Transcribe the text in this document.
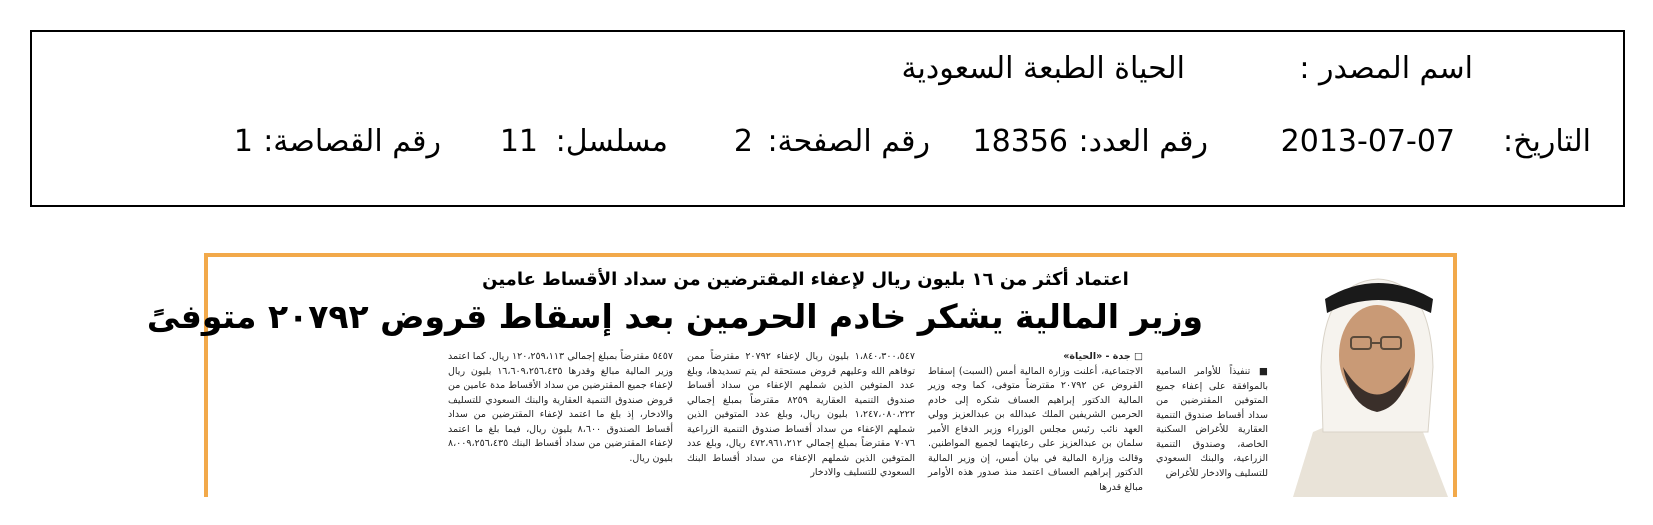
اسم المصدر :
الحياة الطبعة السعودية
التاريخ:
2013-07-07
رقم العدد:
18356
رقم الصفحة:
2
مسلسل:
11
رقم القصاصة:
1
اعتماد أكثر من ١٦ بليون ريال لإعفاء المقترضين من سداد الأقساط عامين
وزير المالية يشكر خادم الحرمين بعد إسقاط قروض ٢٠٧٩٢ متوفىً

■ تنفيذاً للأوامر السامية بالموافقة على إعفاء جميع المتوفين المقترضين من سداد أقساط صندوق التنمية العقارية للأغراض السكنية الخاصة، وصندوق التنمية الزراعية، والبنك السعودي للتسليف والادخار للأغراض

□ جدة - «الحياة»

الاجتماعية، أعلنت وزارة المالية أمس (السبت) إسقاط القروض عن ٢٠٧٩٢ مقترضاً متوفى، كما وجه وزير المالية الدكتور إبراهيم العساف شكره إلى خادم الحرمين الشريفين الملك عبدالله بن عبدالعزيز وولي العهد نائب رئيس مجلس الوزراء وزير الدفاع الأمير سلمان بن عبدالعزيز على رعايتهما لجميع المواطنين. وقالت وزارة المالية في بيان أمس، إن وزير المالية الدكتور إبراهيم العساف اعتمد منذ صدور هذه الأوامر مبالغ قدرها

١،٨٤٠،٣٠٠،٥٤٧ بليون ريال لإعفاء ٢٠٧٩٢ مقترضاً ممن توفاهم الله وعليهم قروض مستحقة لم يتم تسديدها، وبلغ عدد المتوفين الذين شملهم الإعفاء من سداد أقساط صندوق التنمية العقارية ٨٢٥٩ مقترضاً بمبلغ إجمالي ١،٢٤٧،٠٨٠،٢٢٢ بليون ريال، وبلغ عدد المتوفين الذين شملهم الإعفاء من سداد أقساط صندوق التنمية الزراعية ٧٠٧٦ مقترضاً بمبلغ إجمالي ٤٧٢،٩٦١،٢١٢ ريال، وبلغ عدد المتوفين الذين شملهم الإعفاء من سداد أقساط البنك السعودي للتسليف والادخار

٥٤٥٧ مقترضاً بمبلغ إجمالي ١٢٠،٢٥٩،١١٣ ريال. كما اعتمد وزير المالية مبالغ وقدرها ١٦،٦٠٩،٢٥٦،٤٣٥ بليون ريال لإعفاء جميع المقترضين من سداد الأقساط مدة عامين من قروض صندوق التنمية العقارية والبنك السعودي للتسليف والادخار، إذ بلغ ما اعتمد لإعفاء المقترضين من سداد أقساط الصندوق ٨،٦٠٠ بليون ريال، فيما بلغ ما اعتمد لإعفاء المقترضين من سداد أقساط البنك ٨،٠٠٩،٢٥٦،٤٣٥ بليون ريال.
